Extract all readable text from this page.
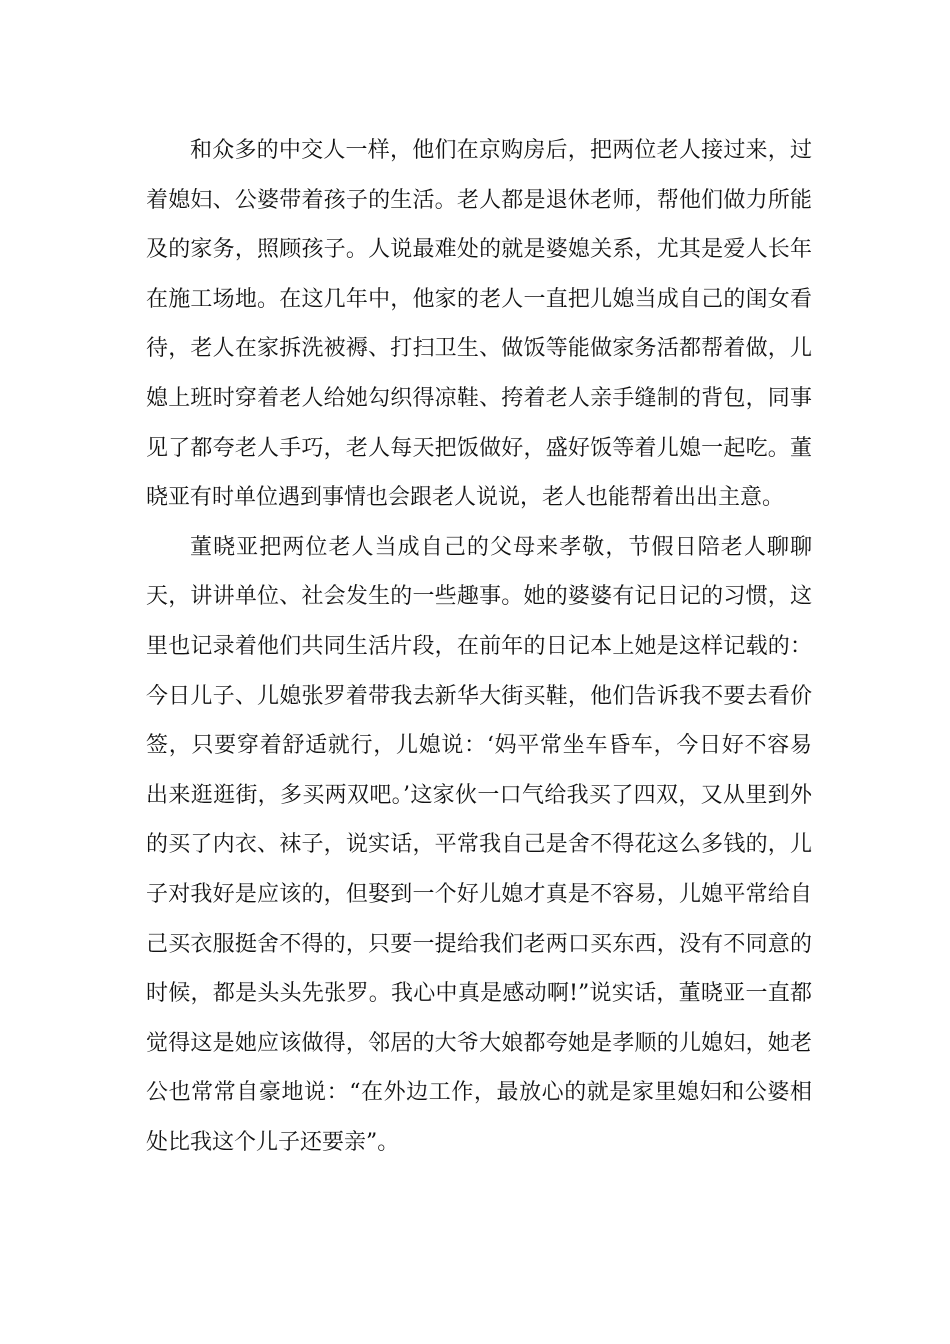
和众多的中交人一样，他们在京购房后，把两位老人接过来，过着媳妇、公婆带着孩子的生活。老人都是退休老师，帮他们做力所能及的家务，照顾孩子。人说最难处的就是婆媳关系，尤其是爱人长年在施工场地。在这几年中，他家的老人一直把儿媳当成自己的闺女看待，老人在家拆洗被褥、打扫卫生、做饭等能做家务活都帮着做，儿媳上班时穿着老人给她勾织得凉鞋、挎着老人亲手缝制的背包，同事见了都夸老人手巧，老人每天把饭做好，盛好饭等着儿媳一起吃。董晓亚有时单位遇到事情也会跟老人说说，老人也能帮着出出主意。

董晓亚把两位老人当成自己的父母来孝敬，节假日陪老人聊聊天，讲讲单位、社会发生的一些趣事。她的婆婆有记日记的习惯，这里也记录着他们共同生活片段，在前年的日记本上她是这样记载的：今日儿子、儿媳张罗着带我去新华大街买鞋，他们告诉我不要去看价签，只要穿着舒适就行，儿媳说：‘妈平常坐车昏车，今日好不容易出来逛逛街，多买两双吧。’这家伙一口气给我买了四双，又从里到外的买了内衣、袜子，说实话，平常我自己是舍不得花这么多钱的，儿子对我好是应该的，但娶到一个好儿媳才真是不容易，儿媳平常给自己买衣服挺舍不得的，只要一提给我们老两口买东西，没有不同意的时候，都是头头先张罗。我心中真是感动啊!”说实话，董晓亚一直都觉得这是她应该做得，邻居的大爷大娘都夸她是孝顺的儿媳妇，她老公也常常自豪地说：“在外边工作，最放心的就是家里媳妇和公婆相处比我这个儿子还要亲”。
